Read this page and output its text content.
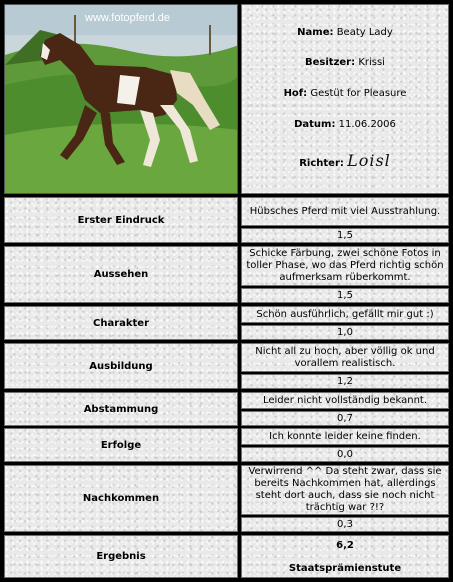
www.fotopferd.de
Name: Beaty Lady
Besitzer: Krissi
Hof: Gestüt for Pleasure
Datum: 11.06.2006
Richter: Loisl
Erster Eindruck
Hübsches Pferd mit viel Ausstrahlung.
1,5
Aussehen
Schicke Färbung, zwei schöne Fotos in toller Phase, wo das Pferd richtig schön aufmerksam rüberkommt.
1,5
Charakter
Schön ausführlich, gefällt mir gut :)
1,0
Ausbildung
Nicht all zu hoch, aber völlig ok und vorallem realistisch.
1,2
Abstammung
Leider nicht vollständig bekannt.
0,7
Erfolge
Ich konnte leider keine finden.
0,0
Nachkommen
Verwirrend ^^ Da steht zwar, dass sie bereits Nachkommen hat, allerdings steht dort auch, dass sie noch nicht trächtig war ?!?
0,3
Ergebnis
6,2
Staatsprämienstute
